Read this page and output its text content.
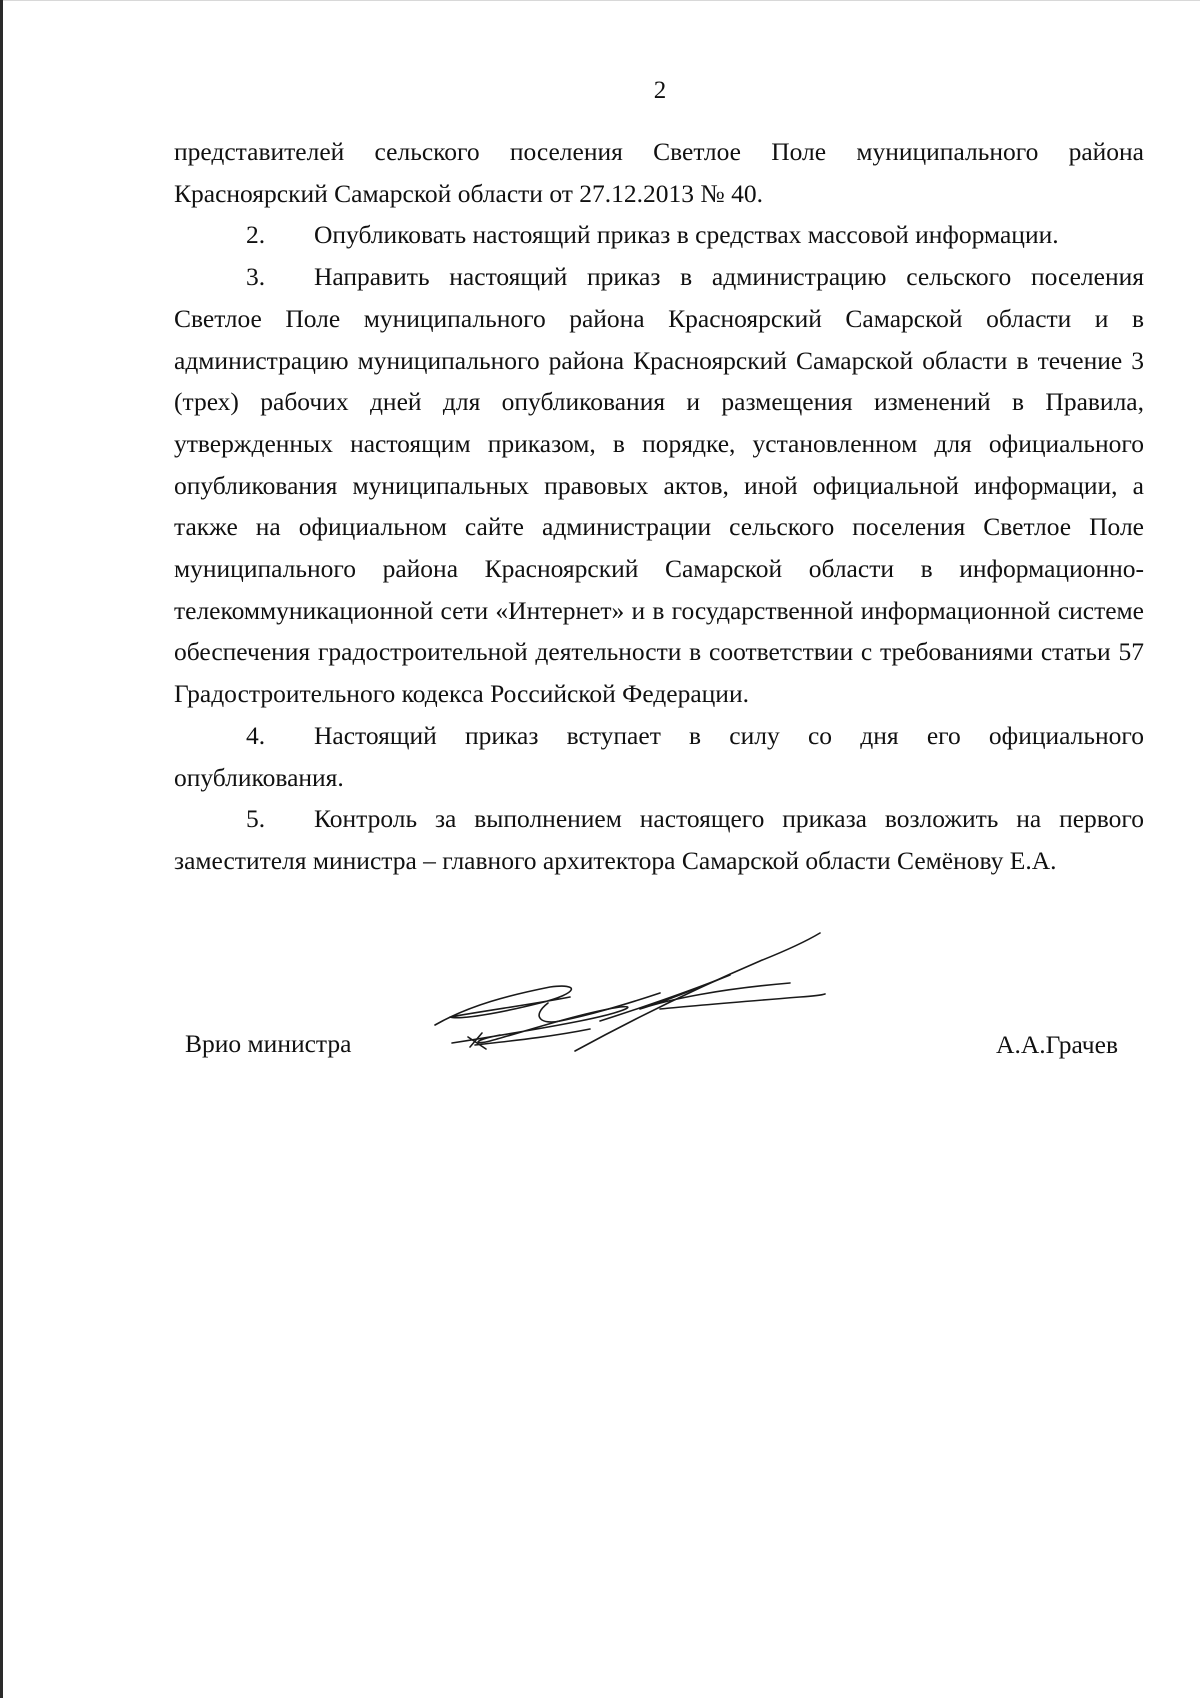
2

представителей сельского поселения Светлое Поле муниципального района Красноярский Самарской области от 27.12.2013 № 40.

2. Опубликовать настоящий приказ в средствах массовой информации.

3. Направить настоящий приказ в администрацию сельского поселения Светлое Поле муниципального района Красноярский Самарской области и в администрацию муниципального района Красноярский Самарской области в течение 3 (трех) рабочих дней для опубликования и размещения изменений в Правила, утвержденных настоящим приказом, в порядке, установленном для официального опубликования муниципальных правовых актов, иной официальной информации, а также на официальном сайте администрации сельского поселения Светлое Поле муниципального района Красноярский Самарской области в информационно-телекоммуникационной сети «Интернет» и в государственной информационной системе обеспечения градостроительной деятельности в соответствии с требованиями статьи 57 Градостроительного кодекса Российской Федерации.

4. Настоящий приказ вступает в силу со дня его официального опубликования.

5. Контроль за выполнением настоящего приказа возложить на первого заместителя министра – главного архитектора Самарской области Семёнову Е.А.

Врио министра	А.А.Грачев
